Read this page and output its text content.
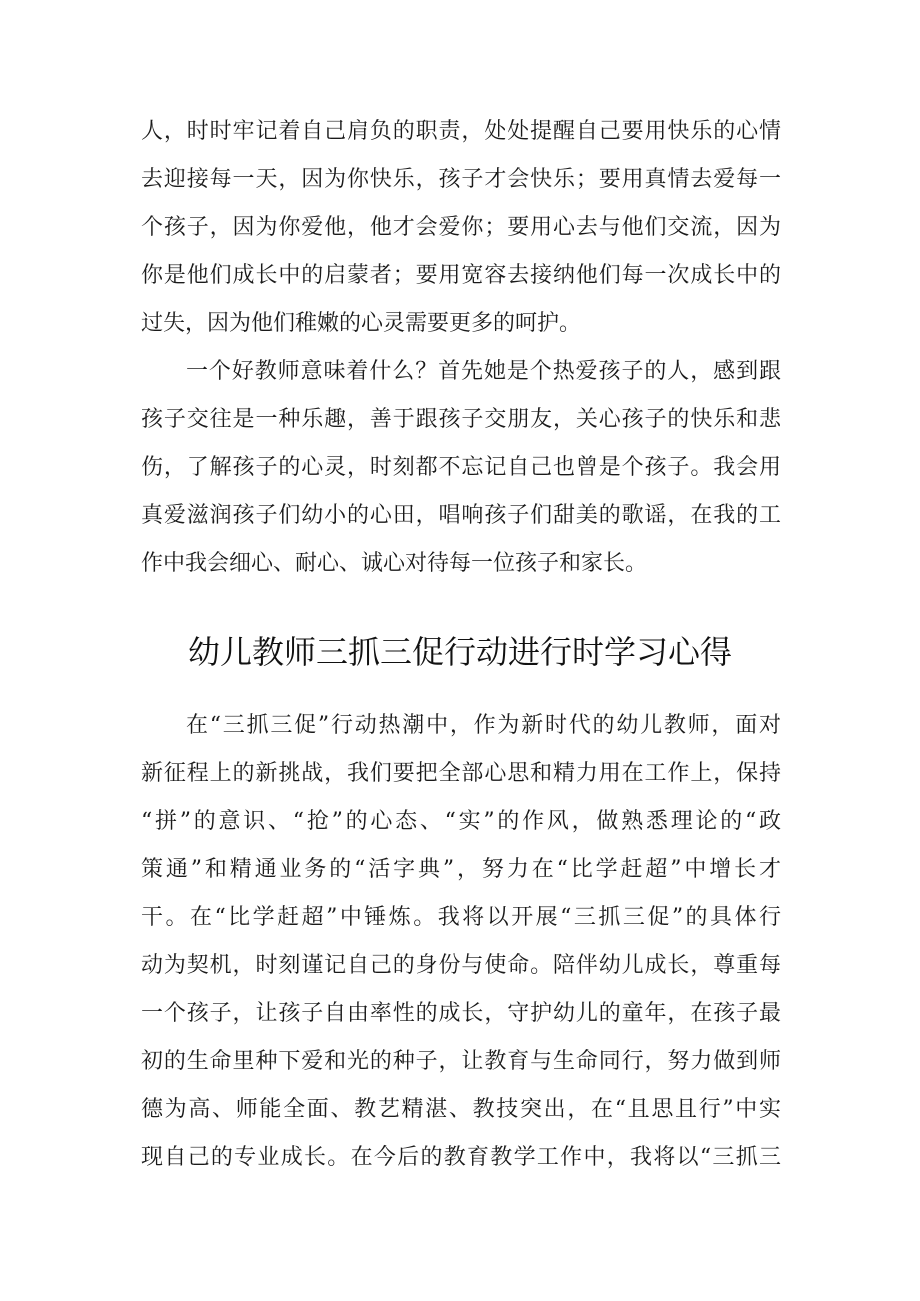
人，时时牢记着自己肩负的职责，处处提醒自己要用快乐的心情
去迎接每一天，因为你快乐，孩子才会快乐；要用真情去爱每一
个孩子，因为你爱他，他才会爱你；要用心去与他们交流，因为
你是他们成长中的启蒙者；要用宽容去接纳他们每一次成长中的
过失，因为他们稚嫩的心灵需要更多的呵护。
一个好教师意味着什么？首先她是个热爱孩子的人，感到跟
孩子交往是一种乐趣，善于跟孩子交朋友，关心孩子的快乐和悲
伤，了解孩子的心灵，时刻都不忘记自己也曾是个孩子。我会用
真爱滋润孩子们幼小的心田，唱响孩子们甜美的歌谣，在我的工
作中我会细心、耐心、诚心对待每一位孩子和家长。
幼儿教师三抓三促行动进行时学习心得
在“三抓三促”行动热潮中，作为新时代的幼儿教师，面对
新征程上的新挑战，我们要把全部心思和精力用在工作上，保持
“拼”的意识、“抢”的心态、“实”的作风，做熟悉理论的“政
策通”和精通业务的“活字典”，努力在“比学赶超”中增长才
干。在“比学赶超”中锤炼。我将以开展“三抓三促”的具体行
动为契机，时刻谨记自己的身份与使命。陪伴幼儿成长，尊重每
一个孩子，让孩子自由率性的成长，守护幼儿的童年，在孩子最
初的生命里种下爱和光的种子，让教育与生命同行，努力做到师
德为高、师能全面、教艺精湛、教技突出，在“且思且行”中实
现自己的专业成长。在今后的教育教学工作中，我将以“三抓三
